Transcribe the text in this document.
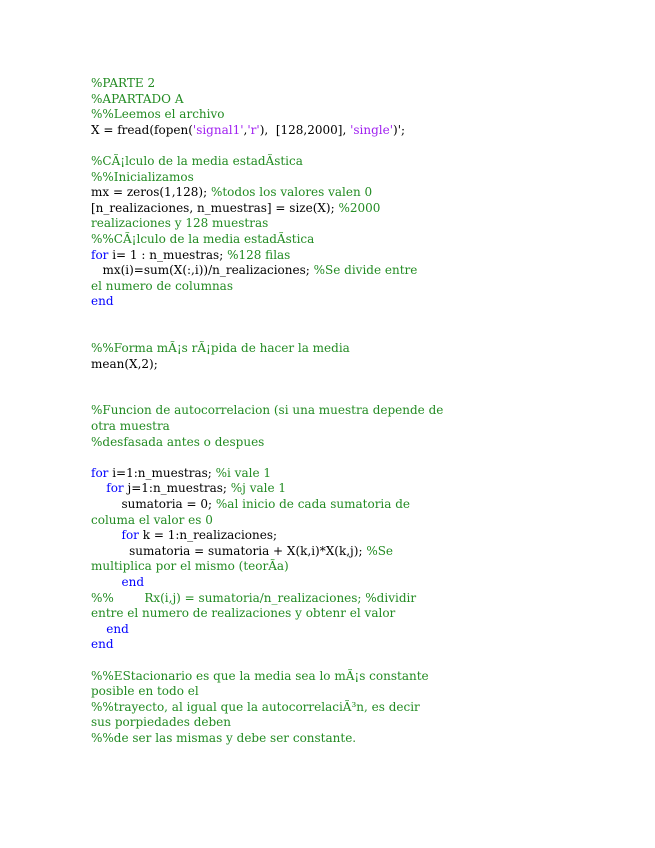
%PARTE 2
%APARTADO A
%%Leemos el archivo
X = fread(fopen('signal1','r'),  [128,2000], 'single')';
%CÃ¡lculo de la media estadÃstica
%%Inicializamos
mx = zeros(1,128); %todos los valores valen 0
[n_realizaciones, n_muestras] = size(X); %2000
realizaciones y 128 muestras
%%CÃ¡lculo de la media estadÃstica
for i= 1 : n_muestras; %128 filas
mx(i)=sum(X(:,i))/n_realizaciones; %Se divide entre
el numero de columnas
end
%%Forma mÃ¡s rÃ¡pida de hacer la media
mean(X,2);
%Funcion de autocorrelacion (si una muestra depende de
otra muestra
%desfasada antes o despues
for i=1:n_muestras; %i vale 1
for j=1:n_muestras; %j vale 1
sumatoria = 0; %al inicio de cada sumatoria de
columa el valor es 0
for k = 1:n_realizaciones;
sumatoria = sumatoria + X(k,i)*X(k,j); %Se
multiplica por el mismo (teorÃa)
end
%%        Rx(i,j) = sumatoria/n_realizaciones; %dividir
entre el numero de realizaciones y obtenr el valor
end
end
%%EStacionario es que la media sea lo mÃ¡s constante
posible en todo el
%%trayecto, al igual que la autocorrelaciÃ³n, es decir
sus porpiedades deben
%%de ser las mismas y debe ser constante.
